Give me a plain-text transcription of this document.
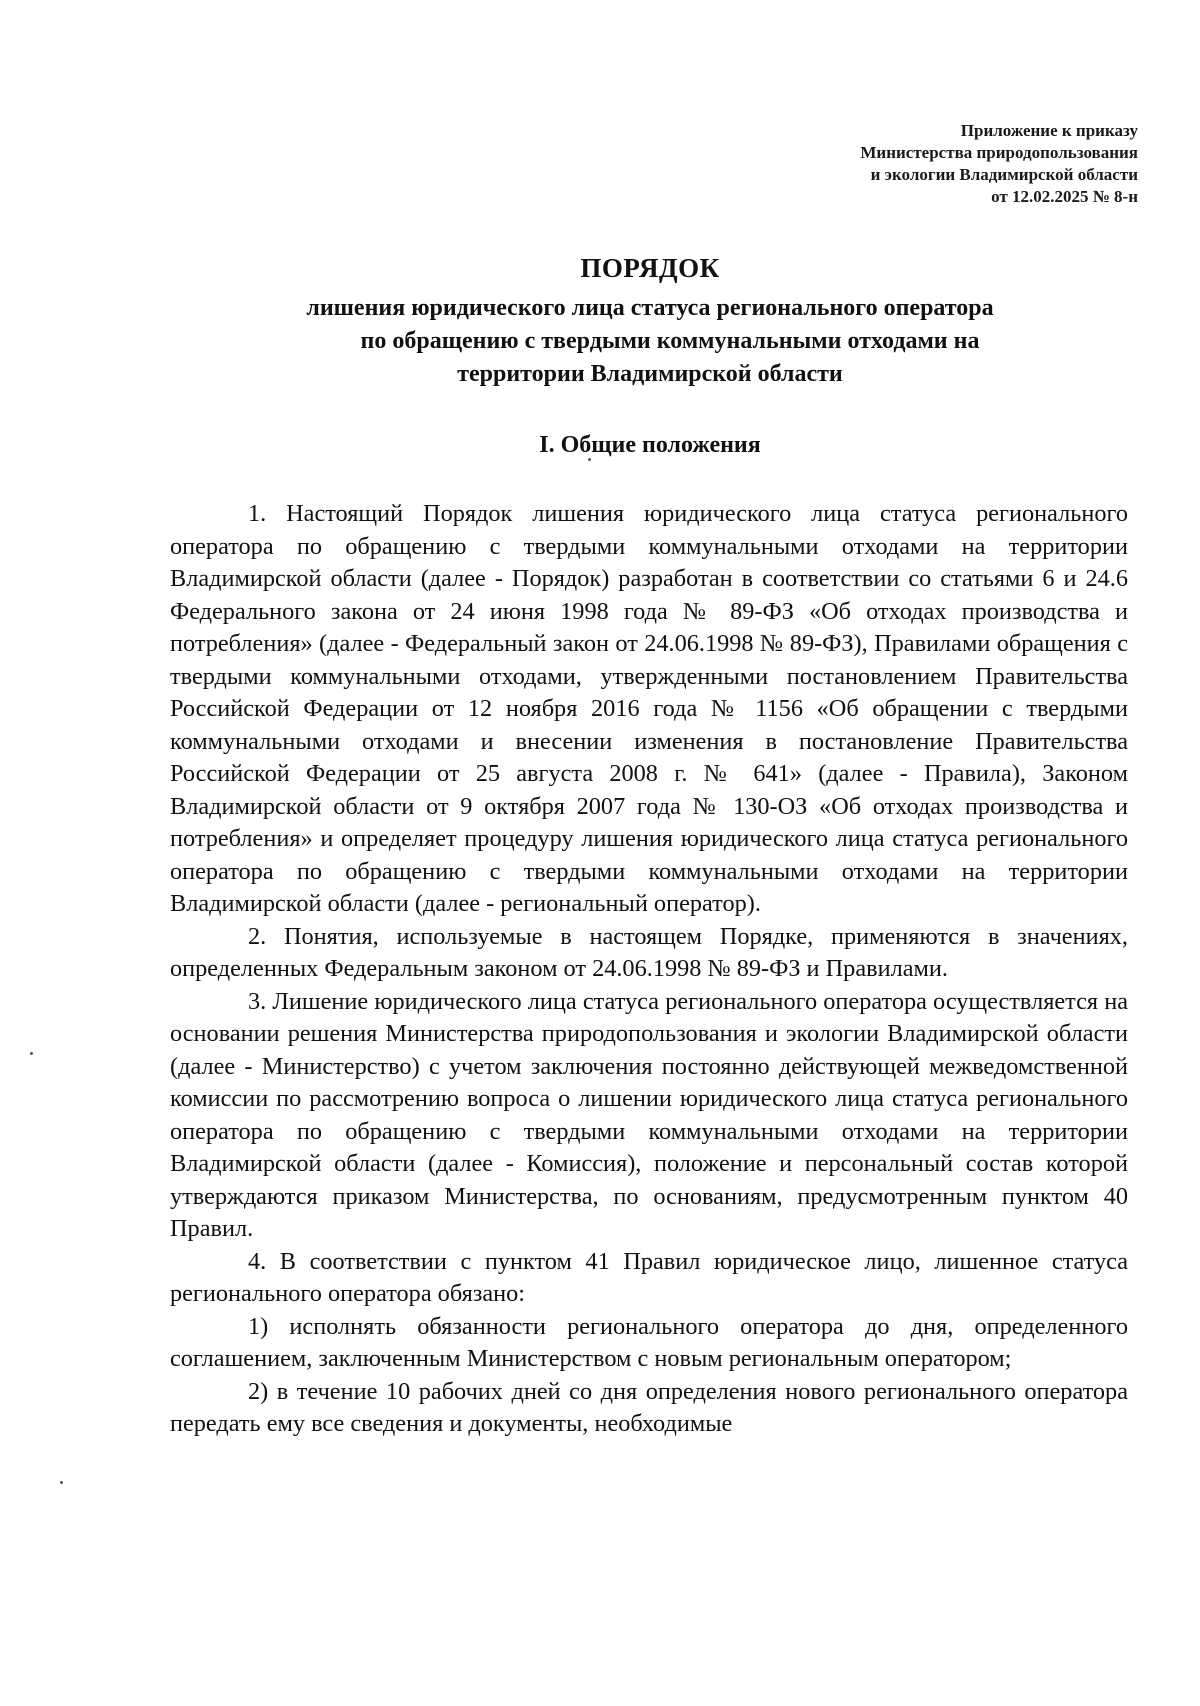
Приложение к приказу
Министерства природопользования
и экологии Владимирской области
от 12.02.2025 № 8-н
ПОРЯДОК
лишения юридического лица статуса регионального оператора
по обращению с твердыми коммунальными отходами на
территории Владимирской области
I. Общие положения

1. Настоящий Порядок лишения юридического лица статуса регионального оператора по обращению с твердыми коммунальными отходами на территории Владимирской области (далее - Порядок) разработан в соответствии со статьями 6 и 24.6 Федерального закона от 24 июня 1998 года № 89-ФЗ «Об отходах производства и потребления» (далее - Федеральный закон от 24.06.1998 № 89-ФЗ), Правилами обращения с твердыми коммунальными отходами, утвержденными постановлением Правительства Российской Федерации от 12 ноября 2016 года № 1156 «Об обращении с твердыми коммунальными отходами и внесении изменения в постановление Правительства Российской Федерации от 25 августа 2008 г. № 641» (далее - Правила), Законом Владимирской области от 9 октября 2007 года № 130-ОЗ «Об отходах производства и потребления» и определяет процедуру лишения юридического лица статуса регионального оператора по обращению с твердыми коммунальными отходами на территории Владимирской области (далее - региональный оператор).

2. Понятия, используемые в настоящем Порядке, применяются в значениях, определенных Федеральным законом от 24.06.1998 № 89-ФЗ и Правилами.

3. Лишение юридического лица статуса регионального оператора осуществляется на основании решения Министерства природопользования и экологии Владимирской области (далее - Министерство) с учетом заключения постоянно действующей межведомственной комиссии по рассмотрению вопроса о лишении юридического лица статуса регионального оператора по обращению с твердыми коммунальными отходами на территории Владимирской области (далее - Комиссия), положение и персональный состав которой утверждаются приказом Министерства, по основаниям, предусмотренным пунктом 40 Правил.

4. В соответствии с пунктом 41 Правил юридическое лицо, лишенное статуса регионального оператора обязано:

1) исполнять обязанности регионального оператора до дня, определенного соглашением, заключенным Министерством с новым региональным оператором;

2) в течение 10 рабочих дней со дня определения нового регионального оператора передать ему все сведения и документы, необходимые
